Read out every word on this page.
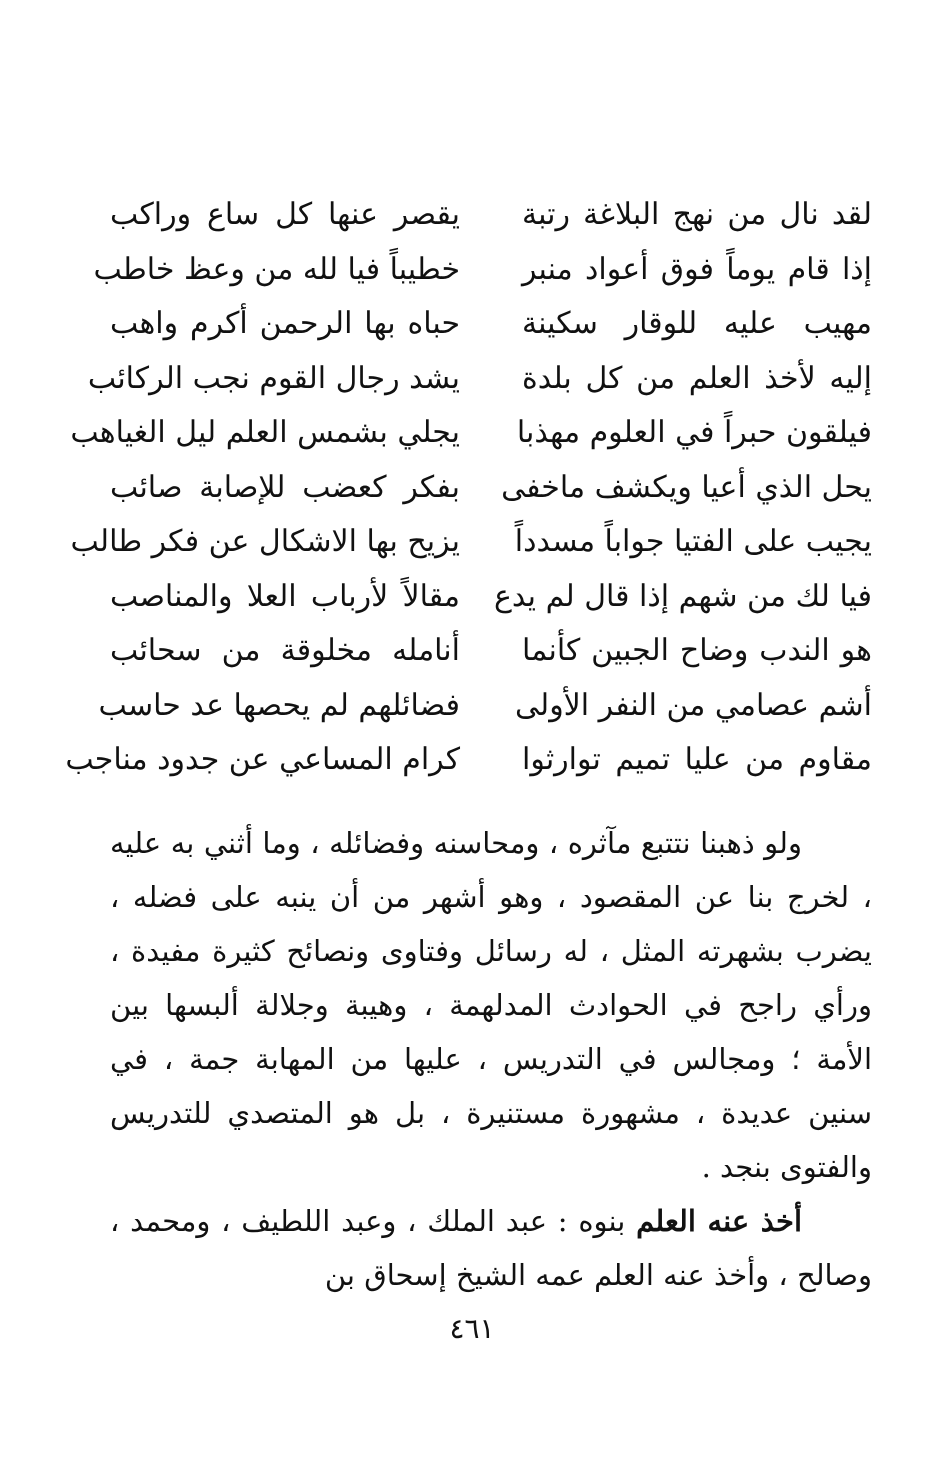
لقد نال من نهج البلاغة رتبة
يقصر عنها كل ساع وراكب
إذا قام يوماً فوق أعواد منبر
خطيباً فيا لله من وعظ خاطب
مهيب عليه للوقار سكينة
حباه بها الرحمن أكرم واهب
إليه لأخذ العلم من كل بلدة
يشد رجال القوم نجب الركائب
فيلقون حبراً في العلوم مهذبا
يجلي بشمس العلم ليل الغياهب
يحل الذي أعيا ويكشف ماخفى
بفكر كعضب للإصابة صائب
يجيب على الفتيا جواباً مسدداً
يزيح بها الاشكال عن فكر طالب
فيا لك من شهم إذا قال لم يدع
مقالاً لأرباب العلا والمناصب
هو الندب وضاح الجبين كأنما
أنامله مخلوقة من سحائب
أشم عصامي من النفر الأولى
فضائلهم لم يحصها عد حاسب
مقاوم من عليا تميم توارثوا
كرام المساعي عن جدود مناجب

ولو ذهبنا نتتبع مآثره ، ومحاسنه وفضائله ، وما أثني به عليه ، لخرج بنا عن المقصود ، وهو أشهر من أن ينبه على فضله ، يضرب بشهرته المثل ، له رسائل وفتاوى ونصائح كثيرة مفيدة ، ورأي راجح في الحوادث المدلهمة ، وهيبة وجلالة ألبسها بين الأمة ؛ ومجالس في التدريس ، عليها من المهابة جمة ، في سنين عديدة ، مشهورة مستنيرة ، بل هو المتصدي للتدريس والفتوى بنجد .

أخذ عنه العلم بنوه : عبد الملك ، وعبد اللطيف ، ومحمد ، وصالح ، وأخذ عنه العلم عمه الشيخ إسحاق بن

٤٦١
